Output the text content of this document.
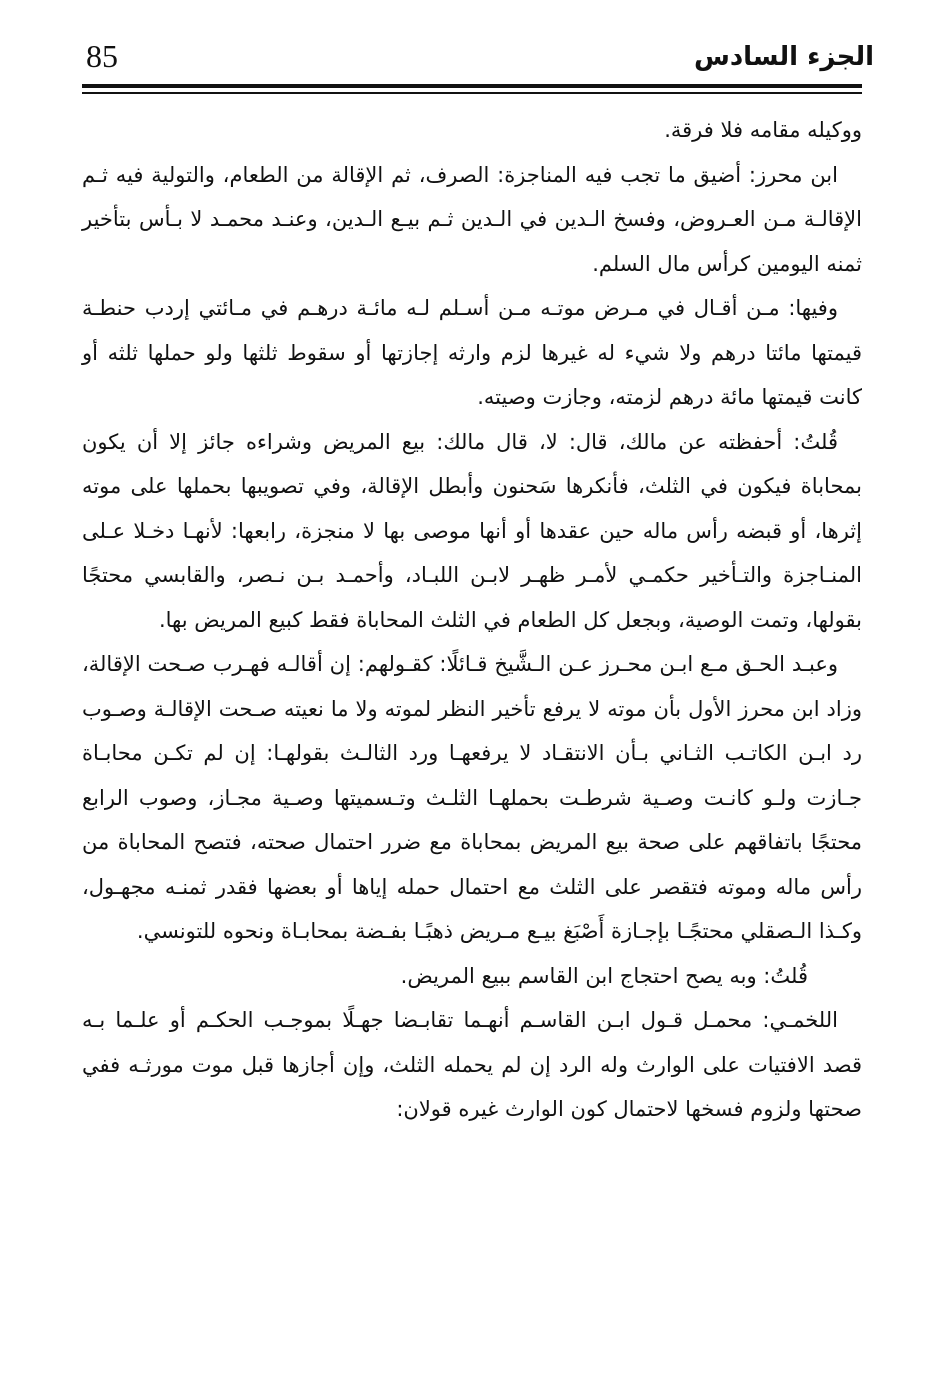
85	الجزء السادس

ووكيله مقامه فلا فرقة.

ابن محرز: أضيق ما تجب فيه المناجزة: الصرف، ثم الإقالة من الطعام، والتولية فيه ثـم الإقالـة مـن العـروض، وفسخ الـدين في الـدين ثـم بيـع الـدين، وعنـد محمـد لا بـأس بتأخير ثمنه اليومين كرأس مال السلم.

وفيها: مـن أقـال في مـرض موتـه مـن أسـلم لـه مائـة درهـم في مـائتي إردب حنطـة قيمتها مائتا درهم ولا شيء له غيرها لزم وارثه إجازتها أو سقوط ثلثها ولو حملها ثلثه أو كانت قيمتها مائة درهم لزمته، وجازت وصيته.

قُلتُ: أحفظته عن مالك، قال: لا، قال مالك: بيع المريض وشراءه جائز إلا أن يكون بمحاباة فيكون في الثلث، فأنكرها سَحنون وأبطل الإقالة، وفي تصويبها بحملها على موته إثرها، أو قبضه رأس ماله حين عقدها أو أنها موصى بها لا منجزة، رابعها: لأنهـا دخـلا عـلى المنـاجزة والتـأخير حكمـي لأمـر ظهـر لابـن اللبـاد، وأحمـد بـن نـصر، والقابسي محتجًا بقولها، وتمت الوصية، وبجعل كل الطعام في الثلث المحاباة فقط كبيع المريض بها.

وعبـد الحـق مـع ابـن محـرز عـن الـشَّيخ قـائلًا: كقـولهم: إن أقالـه فهـرب صـحت الإقالة، وزاد ابن محرز الأول بأن موته لا يرفع تأخير النظر لموته ولا ما نعيته صـحت الإقالـة وصـوب رد ابـن الكاتـب الثـاني بـأن الانتقـاد لا يرفعهـا ورد الثالـث بقولهـا: إن لم تكـن محابـاة جـازت ولـو كانـت وصـية شرطـت بحملهـا الثلـث وتـسميتها وصـية مجـاز، وصوب الرابع محتجًا باتفاقهم على صحة بيع المريض بمحاباة مع ضرر احتمال صحته، فتصح المحاباة من رأس ماله وموته فتقصر على الثلث مع احتمال حمله إياها أو بعضها فقدر ثمنـه مجهـول، وكـذا الـصقلي محتجًـا بإجـازة أَصْبَغ بيـع مـريض ذهبًـا بفـضة بمحابـاة ونحوه للتونسي.

قُلتُ: وبه يصح احتجاج ابن القاسم ببيع المريض.

اللخمـي: محمـل قـول ابـن القاسـم أنهـما تقابـضا جهـلًا بموجـب الحكـم أو علـما بـه قصد الافتيات على الوارث وله الرد إن لم يحمله الثلث، وإن أجازها قبل موت مورثـه ففي صحتها ولزوم فسخها لاحتمال كون الوارث غيره قولان:
